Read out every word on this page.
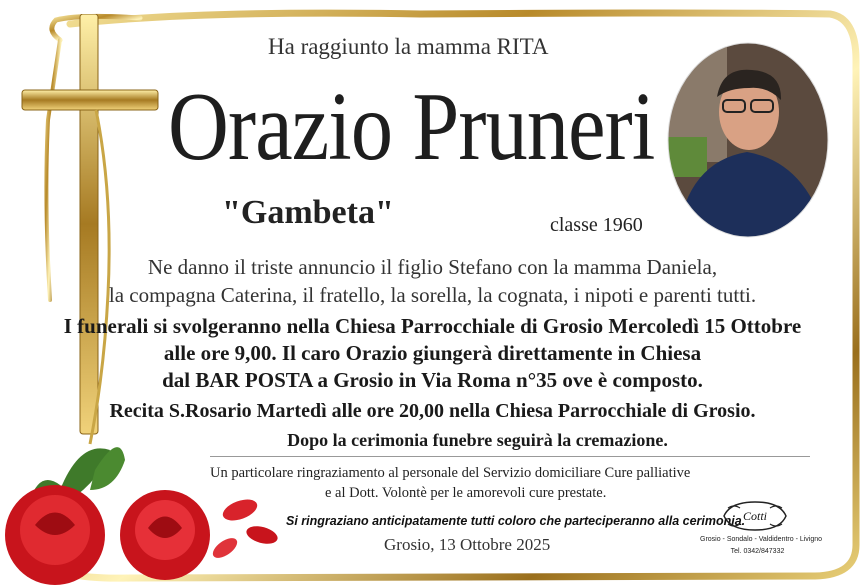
Ha raggiunto la mamma RITA

Orazio Pruneri

"Gambeta"	classe 1960

Ne danno il triste annuncio il figlio Stefano con la mamma Daniela,

la compagna Caterina, il fratello, la sorella, la cognata, i nipoti e parenti tutti.

I funerali si svolgeranno nella Chiesa Parrocchiale di Grosio Mercoledì 15 Ottobre

alle ore 9,00. Il caro Orazio giungerà direttamente in Chiesa

dal BAR POSTA a Grosio in Via Roma n°35 ove è composto.

Recita S.Rosario Martedì alle ore 20,00 nella Chiesa Parrocchiale di Grosio.

Dopo la cerimonia funebre seguirà la cremazione.

Un particolare ringraziamento al personale del Servizio domiciliare Cure palliative

e al Dott. Volontè per le amorevoli cure prestate.

Si ringraziano anticipatamente tutti coloro che parteciperanno alla cerimonia.

Grosio, 13 Ottobre 2025

Cotti
Grosio - Sondalo - Valdidentro - Livigno
Tel. 0342/847332
